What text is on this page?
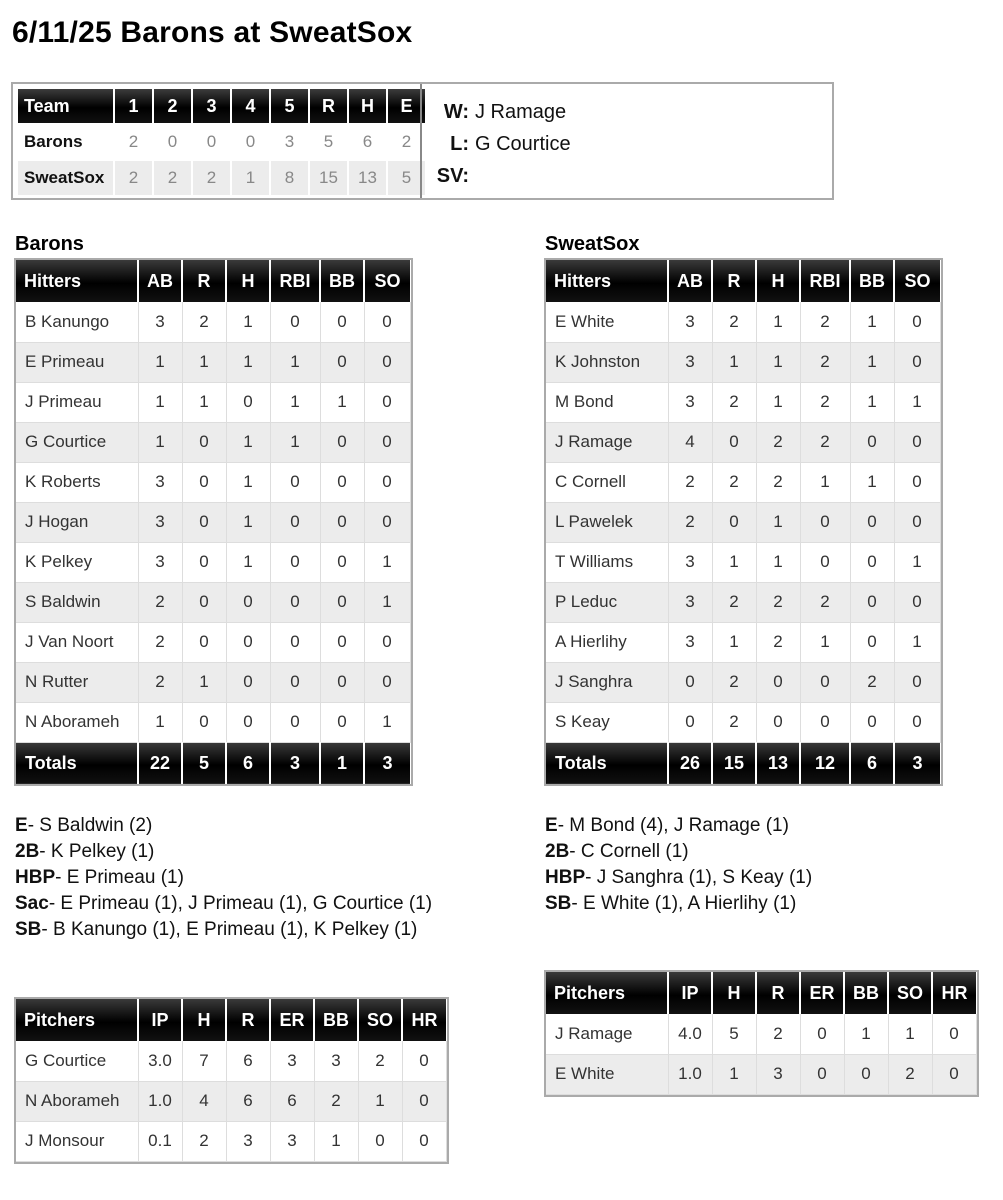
6/11/25 Barons at SweatSox
Team	1	2	3	4	5	R	H	E
Barons	2	0	0	0	3	5	6	2
SweatSox	2	2	2	1	8	15	13	5
W: J Ramage
L: G Courtice
SV:
Barons	SweatSox
Hitters	AB	R	H	RBI	BB	SO
B Kanungo	3	2	1	0	0	0
E Primeau	1	1	1	1	0	0
J Primeau	1	1	0	1	1	0
G Courtice	1	0	1	1	0	0
K Roberts	3	0	1	0	0	0
J Hogan	3	0	1	0	0	0
K Pelkey	3	0	1	0	0	1
S Baldwin	2	0	0	0	0	1
J Van Noort	2	0	0	0	0	0
N Rutter	2	1	0	0	0	0
N Aborameh	1	0	0	0	0	1
Totals	22	5	6	3	1	3
Hitters	AB	R	H	RBI	BB	SO
E White	3	2	1	2	1	0
K Johnston	3	1	1	2	1	0
M Bond	3	2	1	2	1	1
J Ramage	4	0	2	2	0	0
C Cornell	2	2	2	1	1	0
L Pawelek	2	0	1	0	0	0
T Williams	3	1	1	0	0	1
P Leduc	3	2	2	2	0	0
A Hierlihy	3	1	2	1	0	1
J Sanghra	0	2	0	0	2	0
S Keay	0	2	0	0	0	0
Totals	26	15	13	12	6	3
E- S Baldwin (2)
2B- K Pelkey (1)
HBP- E Primeau (1)
Sac- E Primeau (1), J Primeau (1), G Courtice (1)
SB- B Kanungo (1), E Primeau (1), K Pelkey (1)
E- M Bond (4), J Ramage (1)
2B- C Cornell (1)
HBP- J Sanghra (1), S Keay (1)
SB- E White (1), A Hierlihy (1)
Pitchers	IP	H	R	ER	BB	SO	HR
G Courtice	3.0	7	6	3	3	2	0
N Aborameh	1.0	4	6	6	2	1	0
J Monsour	0.1	2	3	3	1	0	0
Pitchers	IP	H	R	ER	BB	SO	HR
J Ramage	4.0	5	2	0	1	1	0
E White	1.0	1	3	0	0	2	0
